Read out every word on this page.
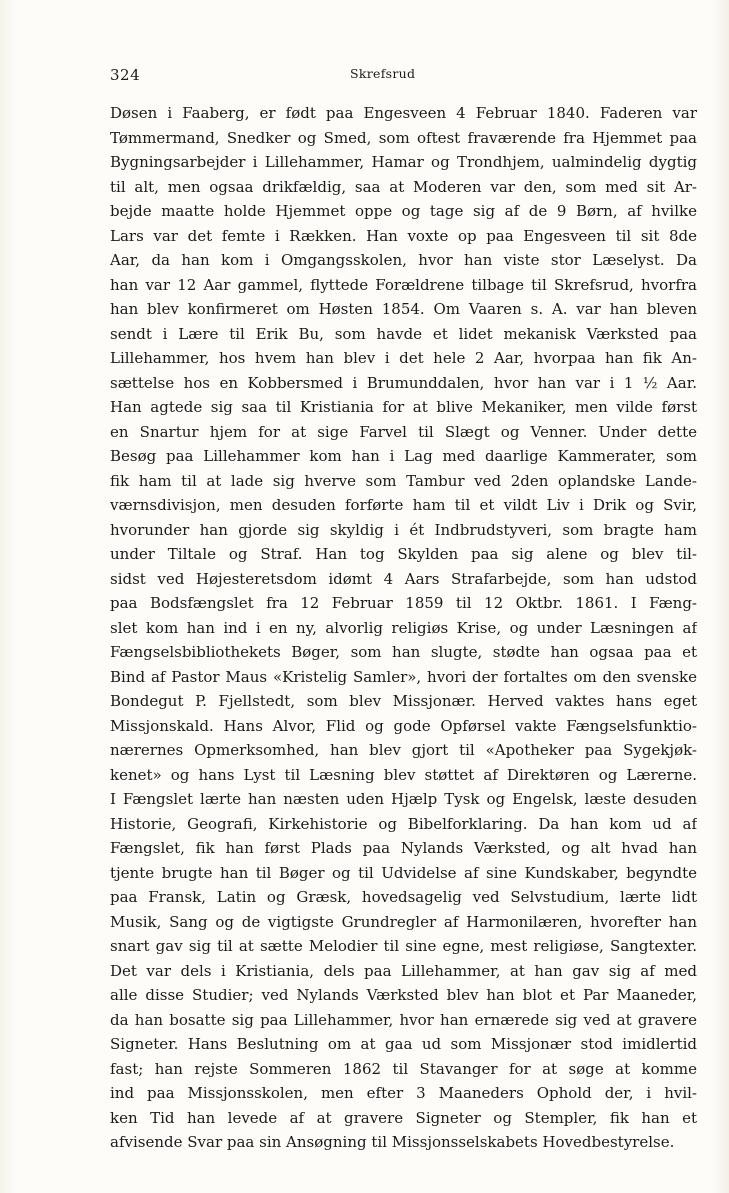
324	Skrefsrud
Døsen i Faaberg, er født paa Engesveen 4 Februar 1840. Faderen var
Tømmermand, Snedker og Smed, som oftest fraværende fra Hjemmet paa
Bygningsarbejder i Lillehammer, Hamar og Trondhjem, ualmindelig dygtig
til alt, men ogsaa drikfældig, saa at Moderen var den, som med sit Ar-
bejde maatte holde Hjemmet oppe og tage sig af de 9 Børn, af hvilke
Lars var det femte i Rækken. Han voxte op paa Engesveen til sit 8de
Aar, da han kom i Omgangsskolen, hvor han viste stor Læselyst. Da
han var 12 Aar gammel, flyttede Forældrene tilbage til Skrefsrud, hvorfra
han blev konfirmeret om Høsten 1854. Om Vaaren s. A. var han bleven
sendt i Lære til Erik Bu, som havde et lidet mekanisk Værksted paa
Lillehammer, hos hvem han blev i det hele 2 Aar, hvorpaa han fik An-
sættelse hos en Kobbersmed i Brumunddalen, hvor han var i 1 ½ Aar.
Han agtede sig saa til Kristiania for at blive Mekaniker, men vilde først
en Snartur hjem for at sige Farvel til Slægt og Venner. Under dette
Besøg paa Lillehammer kom han i Lag med daarlige Kammerater, som
fik ham til at lade sig hverve som Tambur ved 2den oplandske Lande-
værnsdivisjon, men desuden forførte ham til et vildt Liv i Drik og Svir,
hvorunder han gjorde sig skyldig i ét Indbrudstyveri, som bragte ham
under Tiltale og Straf. Han tog Skylden paa sig alene og blev til-
sidst ved Højesteretsdom idømt 4 Aars Strafarbejde, som han udstod
paa Bodsfængslet fra 12 Februar 1859 til 12 Oktbr. 1861. I Fæng-
slet kom han ind i en ny, alvorlig religiøs Krise, og under Læsningen af
Fængselsbibliothekets Bøger, som han slugte, stødte han ogsaa paa et
Bind af Pastor Maus «Kristelig Samler», hvori der fortaltes om den svenske
Bondegut P. Fjellstedt, som blev Missjonær. Herved vaktes hans eget
Missjonskald. Hans Alvor, Flid og gode Opførsel vakte Fængselsfunktio-
nærernes Opmerksomhed, han blev gjort til «Apotheker paa Sygekjøk-
kenet» og hans Lyst til Læsning blev støttet af Direktøren og Lærerne.
I Fængslet lærte han næsten uden Hjælp Tysk og Engelsk, læste desuden
Historie, Geografi, Kirkehistorie og Bibelforklaring. Da han kom ud af
Fængslet, fik han først Plads paa Nylands Værksted, og alt hvad han
tjente brugte han til Bøger og til Udvidelse af sine Kundskaber, begyndte
paa Fransk, Latin og Græsk, hovedsagelig ved Selvstudium, lærte lidt
Musik, Sang og de vigtigste Grundregler af Harmonilæren, hvorefter han
snart gav sig til at sætte Melodier til sine egne, mest religiøse, Sangtexter.
Det var dels i Kristiania, dels paa Lillehammer, at han gav sig af med
alle disse Studier; ved Nylands Værksted blev han blot et Par Maaneder,
da han bosatte sig paa Lillehammer, hvor han ernærede sig ved at gravere
Signeter. Hans Beslutning om at gaa ud som Missjonær stod imidlertid
fast; han rejste Sommeren 1862 til Stavanger for at søge at komme
ind paa Missjonsskolen, men efter 3 Maaneders Ophold der, i hvil-
ken Tid han levede af at gravere Signeter og Stempler, fik han et
afvisende Svar paa sin Ansøgning til Missjonsselskabets Hovedbestyrelse.
